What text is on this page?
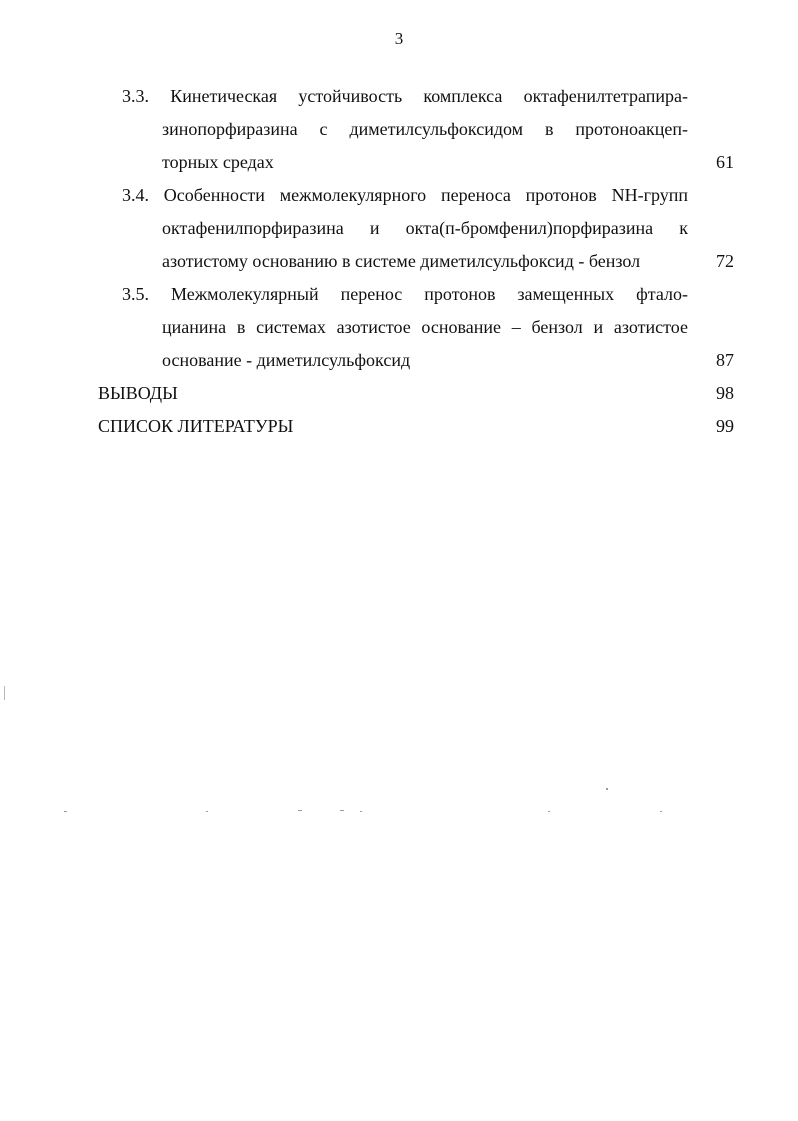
3
3.3. Кинетическая устойчивость комплекса октафенилтетрапира-
зинопорфиразина с диметилсульфоксидом в протоноакцеп-
торных средах	61
3.4. Особенности межмолекулярного переноса протонов NH-групп
октафенилпорфиразина и окта(п-бромфенил)порфиразина к
азотистому основанию в системе диметилсульфоксид - бензол	72
3.5. Межмолекулярный перенос протонов замещенных фтало-
цианина в системах азотистое основание – бензол и азотистое
основание - диметилсульфоксид	87
ВЫВОДЫ	98
СПИСОК ЛИТЕРАТУРЫ	99
